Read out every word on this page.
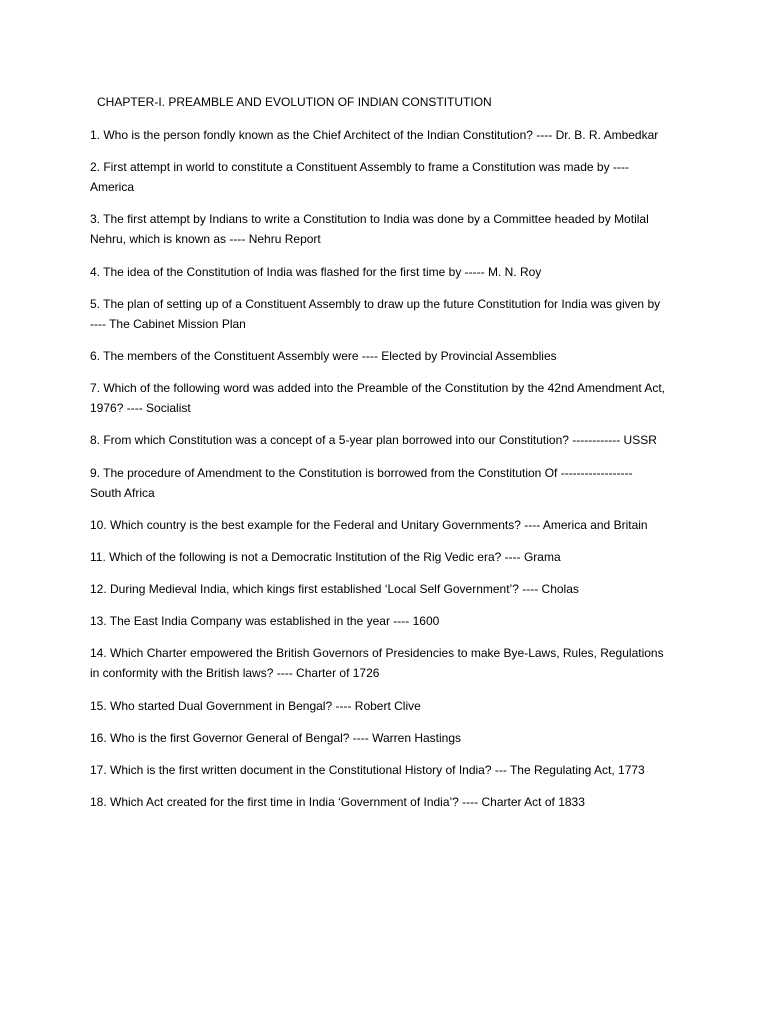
CHAPTER-I. PREAMBLE AND EVOLUTION OF INDIAN CONSTITUTION

1. Who is the person fondly known as the Chief Architect of the Indian Constitution? ---- Dr. B. R. Ambedkar

2. First attempt in world to constitute a Constituent Assembly to frame a Constitution was made by ---- America

3. The first attempt by Indians to write a Constitution to India was done by a Committee headed by Motilal Nehru, which is known as ---- Nehru Report

4. The idea of the Constitution of India was flashed for the first time by ----- M. N. Roy

5. The plan of setting up of a Constituent Assembly to draw up the future Constitution for India was given by ---- The Cabinet Mission Plan

6. The members of the Constituent Assembly were ---- Elected by Provincial Assemblies

7. Which of the following word was added into the Preamble of the Constitution by the 42nd Amendment Act, 1976? ---- Socialist

8. From which Constitution was a concept of a 5-year plan borrowed into our Constitution? ------------ USSR

9. The procedure of Amendment to the Constitution is borrowed from the Constitution Of ------------------ South Africa

10. Which country is the best example for the Federal and Unitary Governments? ---- America and Britain

11. Which of the following is not a Democratic Institution of the Rig Vedic era? ---- Grama

12. During Medieval India, which kings first established ‘Local Self Government’? ---- Cholas

13. The East India Company was established in the year ---- 1600

14. Which Charter empowered the British Governors of Presidencies to make Bye-Laws, Rules, Regulations in conformity with the British laws? ---- Charter of 1726

15. Who started Dual Government in Bengal? ---- Robert Clive

16. Who is the first Governor General of Bengal? ---- Warren Hastings

17. Which is the first written document in the Constitutional History of India? --- The Regulating Act, 1773

18. Which Act created for the first time in India ‘Government of India’? ---- Charter Act of 1833
